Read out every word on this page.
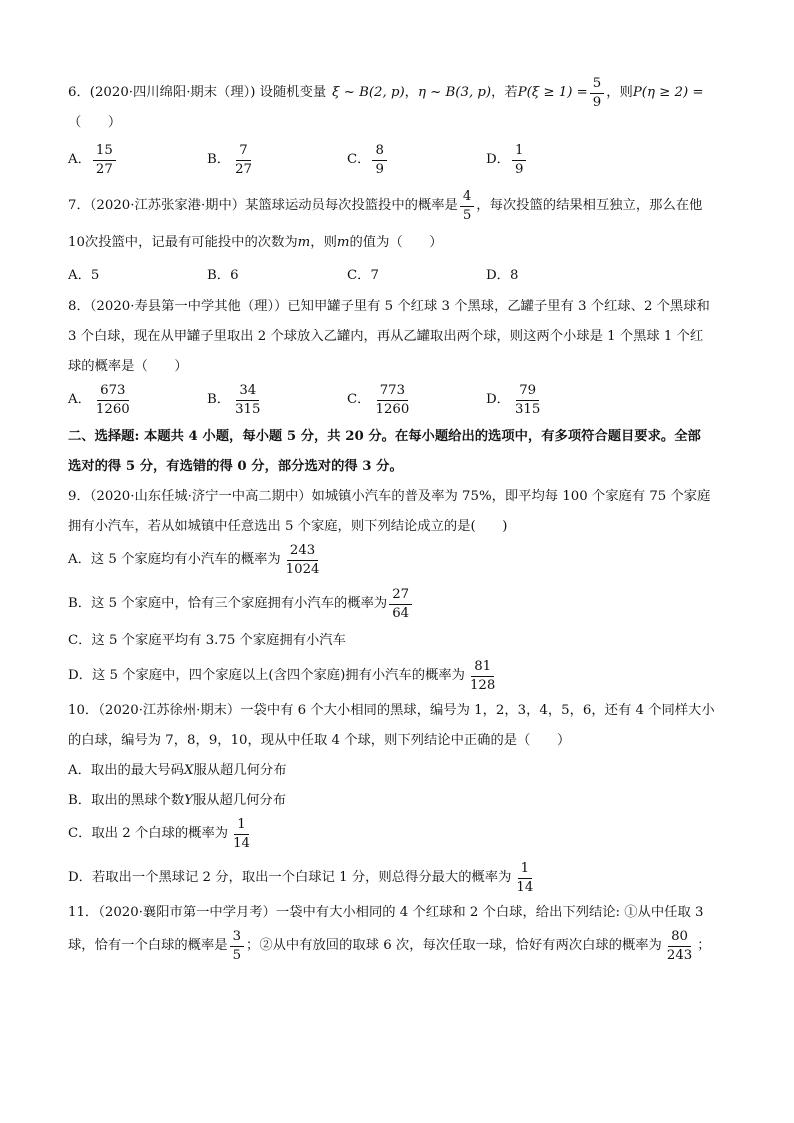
6．(2020·四川绵阳·期末（理）) 设随机变量 ξ ~ B(2, p) ， η ~ B(3, p) ，若 $P(\xi \ge 1) = \frac{5}{9}$ ，则 P(η ≥ 2) =
（　　）
A． $\frac{15}{27}$	B． $\frac{7}{27}$	C． $\frac{8}{9}$	D． $\frac{1}{9}$
7．（2020·江苏张家港·期中）某篮球运动员每次投篮投中的概率是 $\frac{4}{5}$ ，每次投篮的结果相互独立，那么在他
10次投篮中，记最有可能投中的次数为m，则m的值为（　　）
A． 5	B． 6	C． 7	D． 8
8．（2020·寿县第一中学其他（理））已知甲罐子里有 5 个红球 3 个黑球，乙罐子里有 3 个红球、2 个黑球和
3 个白球，现在从甲罐子里取出 2 个球放入乙罐内，再从乙罐取出两个球，则这两个小球是 1 个黑球 1 个红
球的概率是（　　）
A． $\frac{673}{1260}$	B． $\frac{34}{315}$	C． $\frac{773}{1260}$	D． $\frac{79}{315}$
二、选择题: 本题共 4 小题，每小题 5 分，共 20 分。在每小题给出的选项中，有多项符合题目要求。全部
选对的得 5 分，有选错的得 0 分，部分选对的得 3 分。
9．（2020·山东任城·济宁一中高二期中）如城镇小汽车的普及率为 75%，即平均每 100 个家庭有 75 个家庭
拥有小汽车，若从如城镇中任意选出 5 个家庭，则下列结论成立的是(　　)
A．这 5 个家庭均有小汽车的概率为 $\frac{243}{1024}$
B．这 5 个家庭中，恰有三个家庭拥有小汽车的概率为 $\frac{27}{64}$
C．这 5 个家庭平均有 3.75 个家庭拥有小汽车
D．这 5 个家庭中，四个家庭以上(含四个家庭)拥有小汽车的概率为 $\frac{81}{128}$
10．（2020·江苏徐州·期末）一袋中有 6 个大小相同的黑球，编号为 1，2，3，4，5，6，还有 4 个同样大小
的白球，编号为 7，8，9，10，现从中任取 4 个球，则下列结论中正确的是（　　）
A．取出的最大号码X服从超几何分布
B．取出的黑球个数Y服从超几何分布
C．取出 2 个白球的概率为 $\frac{1}{14}$
D．若取出一个黑球记 2 分，取出一个白球记 1 分，则总得分最大的概率为 $\frac{1}{14}$
11．（2020·襄阳市第一中学月考）一袋中有大小相同的 4 个红球和 2 个白球，给出下列结论: ①从中任取 3
球，恰有一个白球的概率是 $\frac{3}{5}$ ；②从中有放回的取球 6 次，每次任取一球，恰好有两次白球的概率为 $\frac{80}{243}$ ；
